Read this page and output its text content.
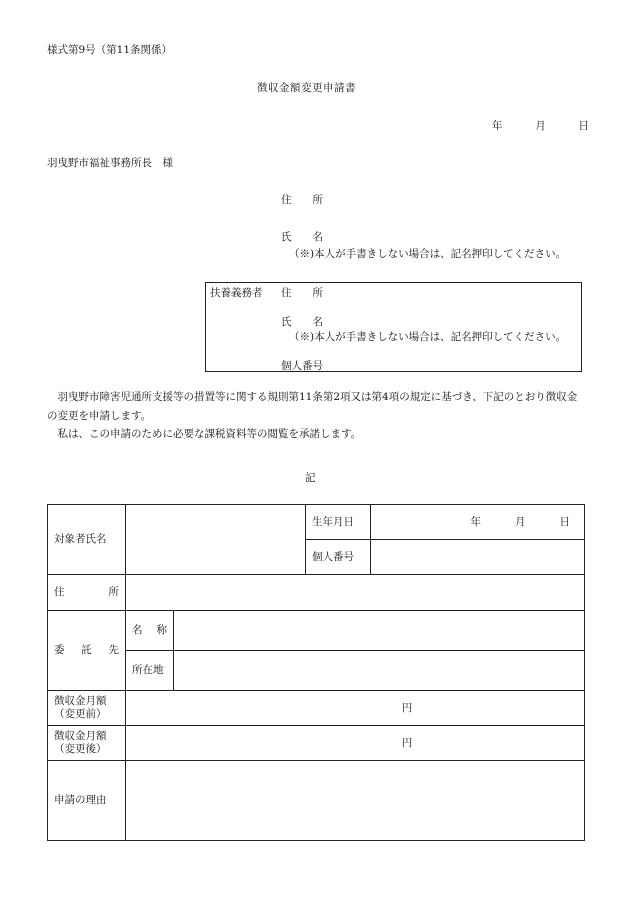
様式第9号（第11条関係）
徴収金額変更申請書
年	月	日
羽曳野市福祉事務所長　様
住 所
氏 名
（※)本人が手書きしない場合は、記名押印してください。
扶養義務者 住 所
氏 名
（※)本人が手書きしない場合は、記名押印してください。
個人番号

羽曳野市障害児通所支援等の措置等に関する規則第11条第2項又は第4項の規定に基づき、下記のとおり徴収金の変更を申請します。

私は、この申請のために必要な課税資料等の閲覧を承諾します。

記
対象者氏名			生年月日	年 月 日

			個人番号	

住 所				

委 託 先	名 称			

	所在地			

徴収金月額
（変更前）	円			

徴収金月額
（変更後）	円			
申請の理由				
